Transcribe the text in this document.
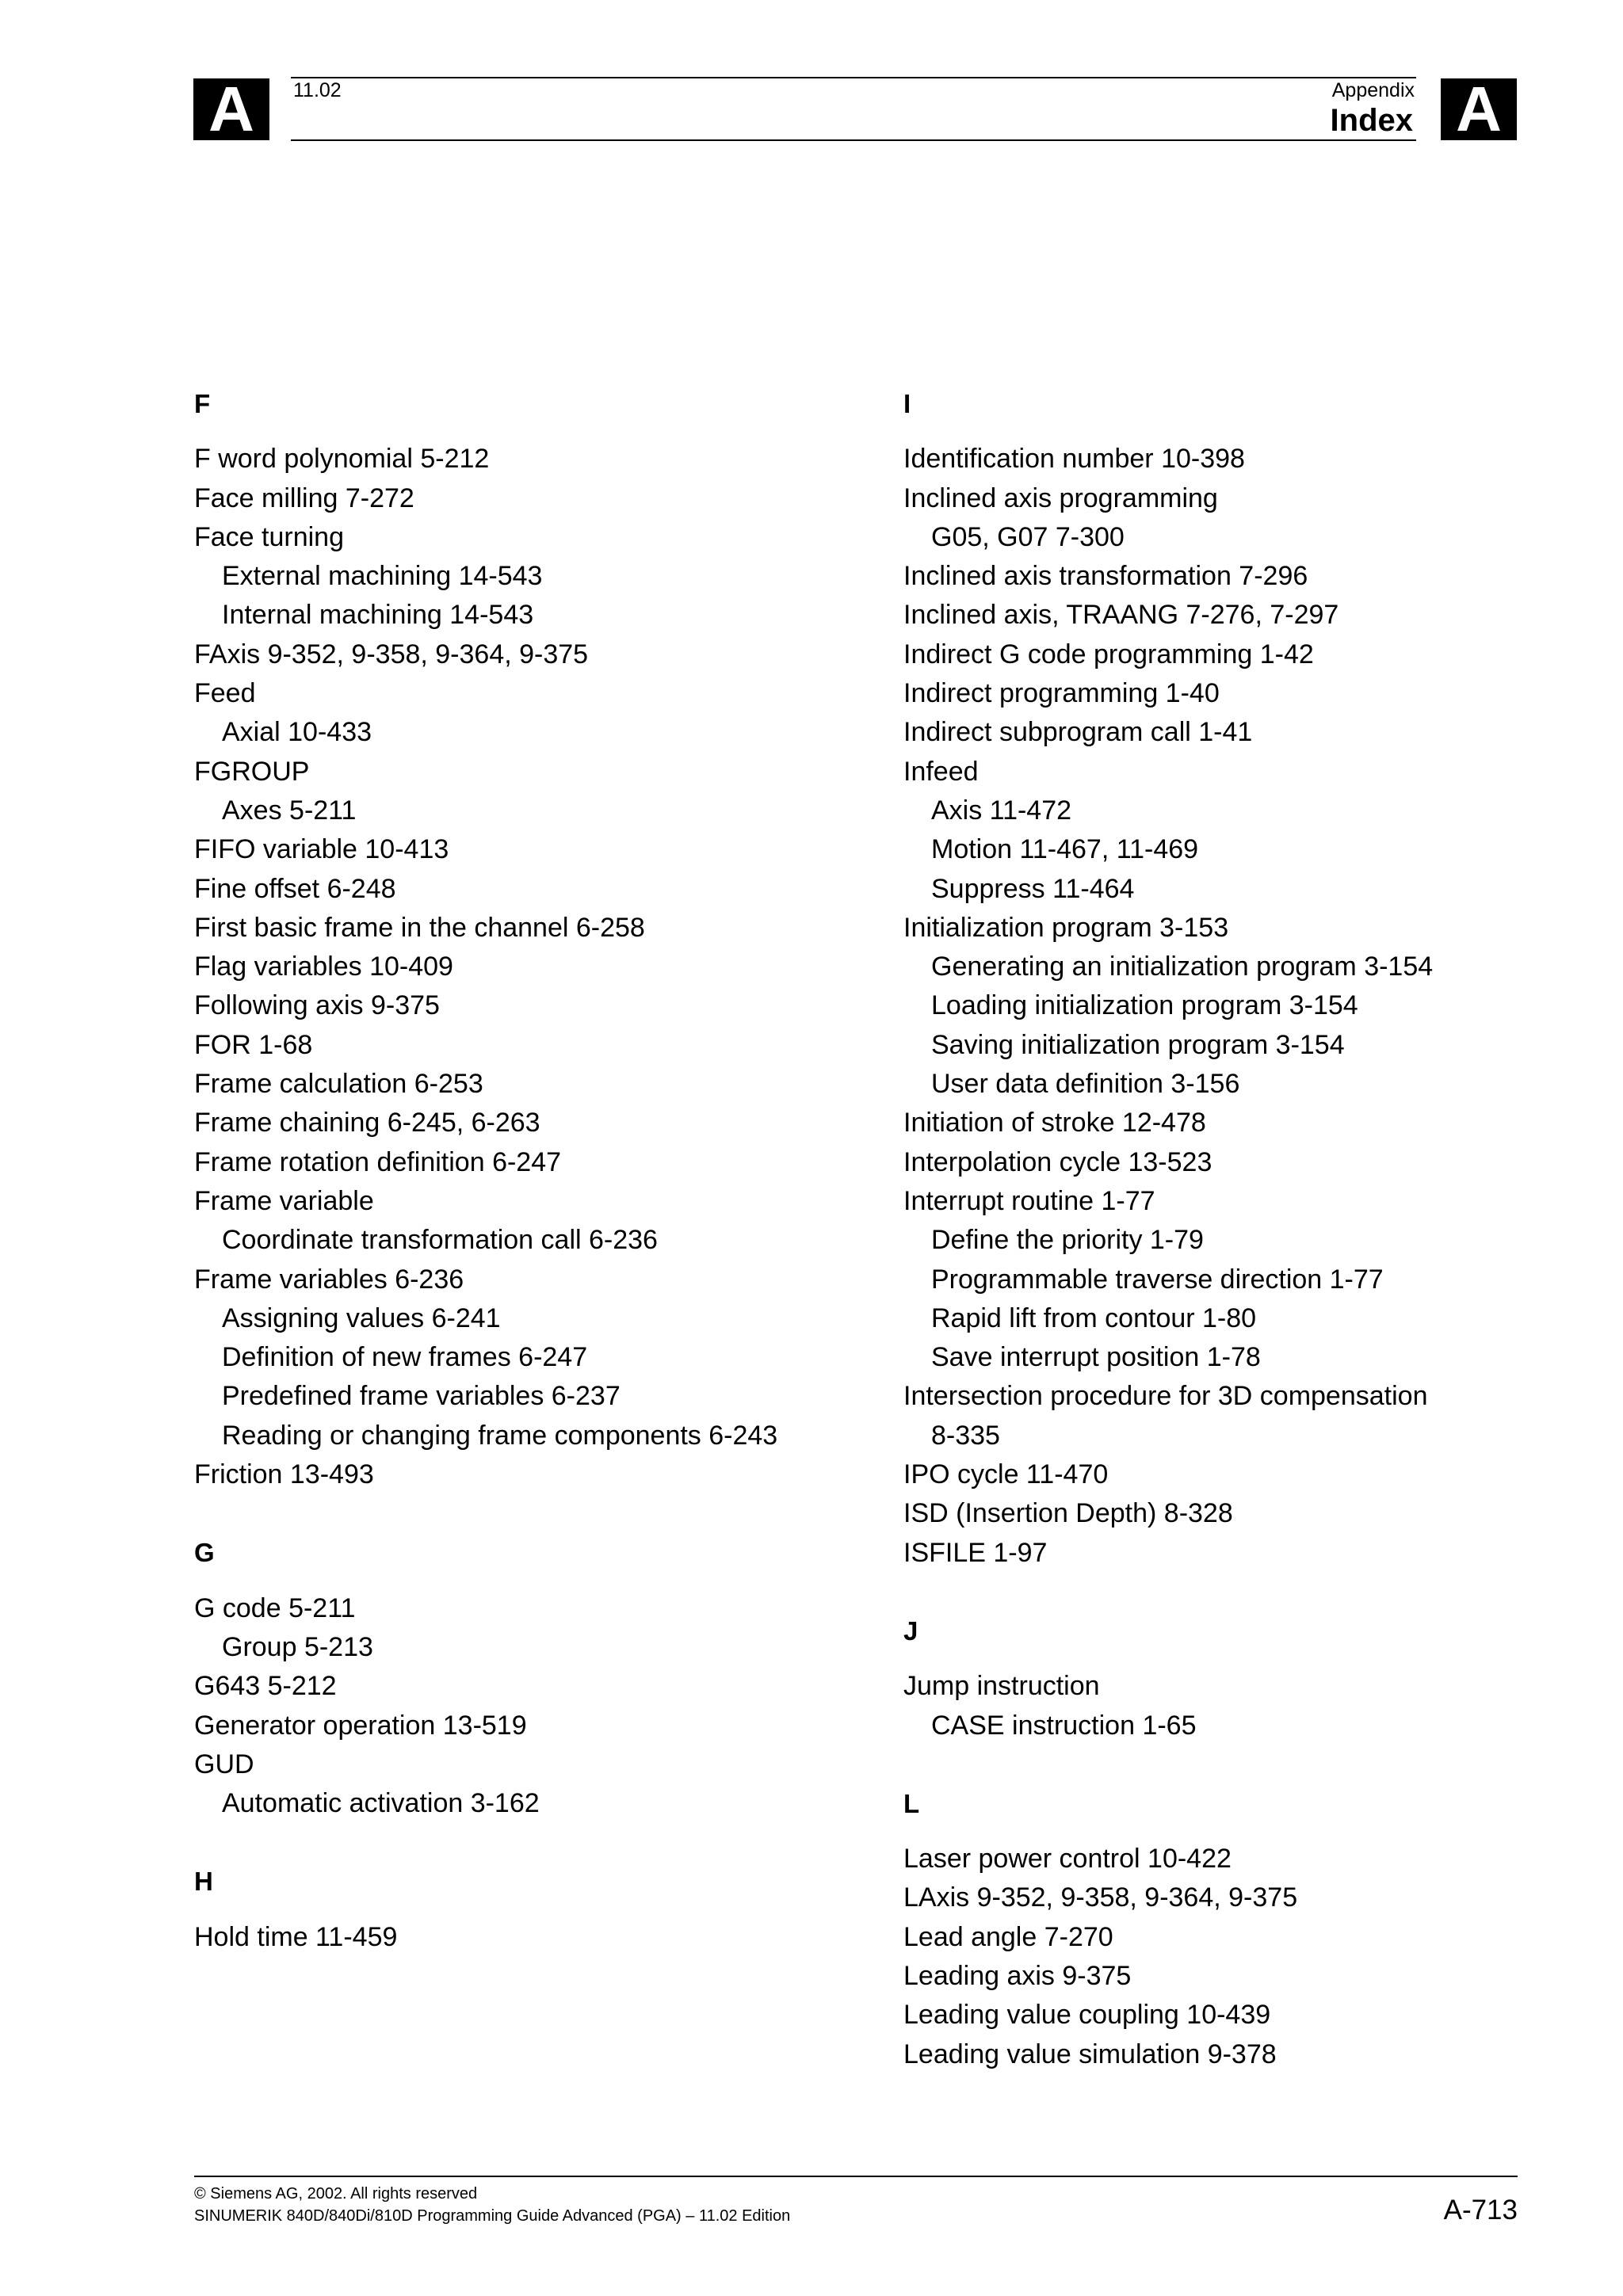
A	11.02	Appendix
Index A
F
F word polynomial 5-212
Face milling 7-272
Face turning
External machining 14-543
Internal machining 14-543
FAxis 9-352, 9-358, 9-364, 9-375
Feed
Axial 10-433
FGROUP
Axes 5-211
FIFO variable 10-413
Fine offset 6-248
First basic frame in the channel 6-258
Flag variables 10-409
Following axis 9-375
FOR 1-68
Frame calculation 6-253
Frame chaining 6-245, 6-263
Frame rotation definition 6-247
Frame variable
Coordinate transformation call 6-236
Frame variables 6-236
Assigning values 6-241
Definition of new frames 6-247
Predefined frame variables 6-237
Reading or changing frame components 6-243
Friction 13-493
G
G code 5-211
Group 5-213
G643 5-212
Generator operation 13-519
GUD
Automatic activation 3-162
H
Hold time 11-459
I
Identification number 10-398
Inclined axis programming
G05, G07 7-300
Inclined axis transformation 7-296
Inclined axis, TRAANG 7-276, 7-297
Indirect G code programming 1-42
Indirect programming 1-40
Indirect subprogram call 1-41
Infeed
Axis 11-472
Motion 11-467, 11-469
Suppress 11-464
Initialization program 3-153
Generating an initialization program 3-154
Loading initialization program 3-154
Saving initialization program 3-154
User data definition 3-156
Initiation of stroke 12-478
Interpolation cycle 13-523
Interrupt routine 1-77
Define the priority 1-79
Programmable traverse direction 1-77
Rapid lift from contour 1-80
Save interrupt position 1-78
Intersection procedure for 3D compensation
8-335
IPO cycle 11-470
ISD (Insertion Depth) 8-328
ISFILE 1-97
J
Jump instruction
CASE instruction 1-65
L
Laser power control 10-422
LAxis 9-352, 9-358, 9-364, 9-375
Lead angle 7-270
Leading axis 9-375
Leading value coupling 10-439
Leading value simulation 9-378
© Siemens AG, 2002. All rights reserved
SINUMERIK 840D/840Di/810D Programming Guide Advanced (PGA) – 11.02 Edition	A-713
